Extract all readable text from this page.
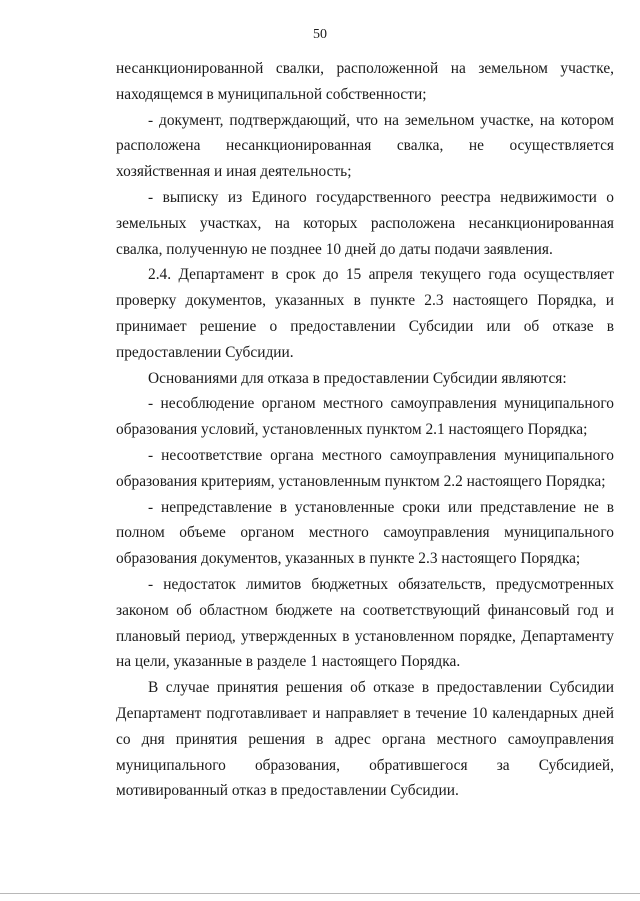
50

несанкционированной свалки, расположенной на земельном участке, находящемся в муниципальной собственности;

- документ, подтверждающий, что на земельном участке, на котором расположена несанкционированная свалка, не осуществляется хозяйственная и иная деятельность;

- выписку из Единого государственного реестра недвижимости о земельных участках, на которых расположена несанкционированная свалка, полученную не позднее 10 дней до даты подачи заявления.

2.4. Департамент в срок до 15 апреля текущего года осуществляет проверку документов, указанных в пункте 2.3 настоящего Порядка, и принимает решение о предоставлении Субсидии или об отказе в предоставлении Субсидии.

Основаниями для отказа в предоставлении Субсидии являются:

- несоблюдение органом местного самоуправления муниципального образования условий, установленных пунктом 2.1 настоящего Порядка;

- несоответствие органа местного самоуправления муниципального образования критериям, установленным пунктом 2.2 настоящего Порядка;

- непредставление в установленные сроки или представление не в полном объеме органом местного самоуправления муниципального образования документов, указанных в пункте 2.3 настоящего Порядка;

- недостаток лимитов бюджетных обязательств, предусмотренных законом об областном бюджете на соответствующий финансовый год и плановый период, утвержденных в установленном порядке, Департаменту на цели, указанные в разделе 1 настоящего Порядка.

В случае принятия решения об отказе в предоставлении Субсидии Департамент подготавливает и направляет в течение 10 календарных дней со дня принятия решения в адрес органа местного самоуправления муниципального образования, обратившегося за Субсидией, мотивированный отказ в предоставлении Субсидии.
